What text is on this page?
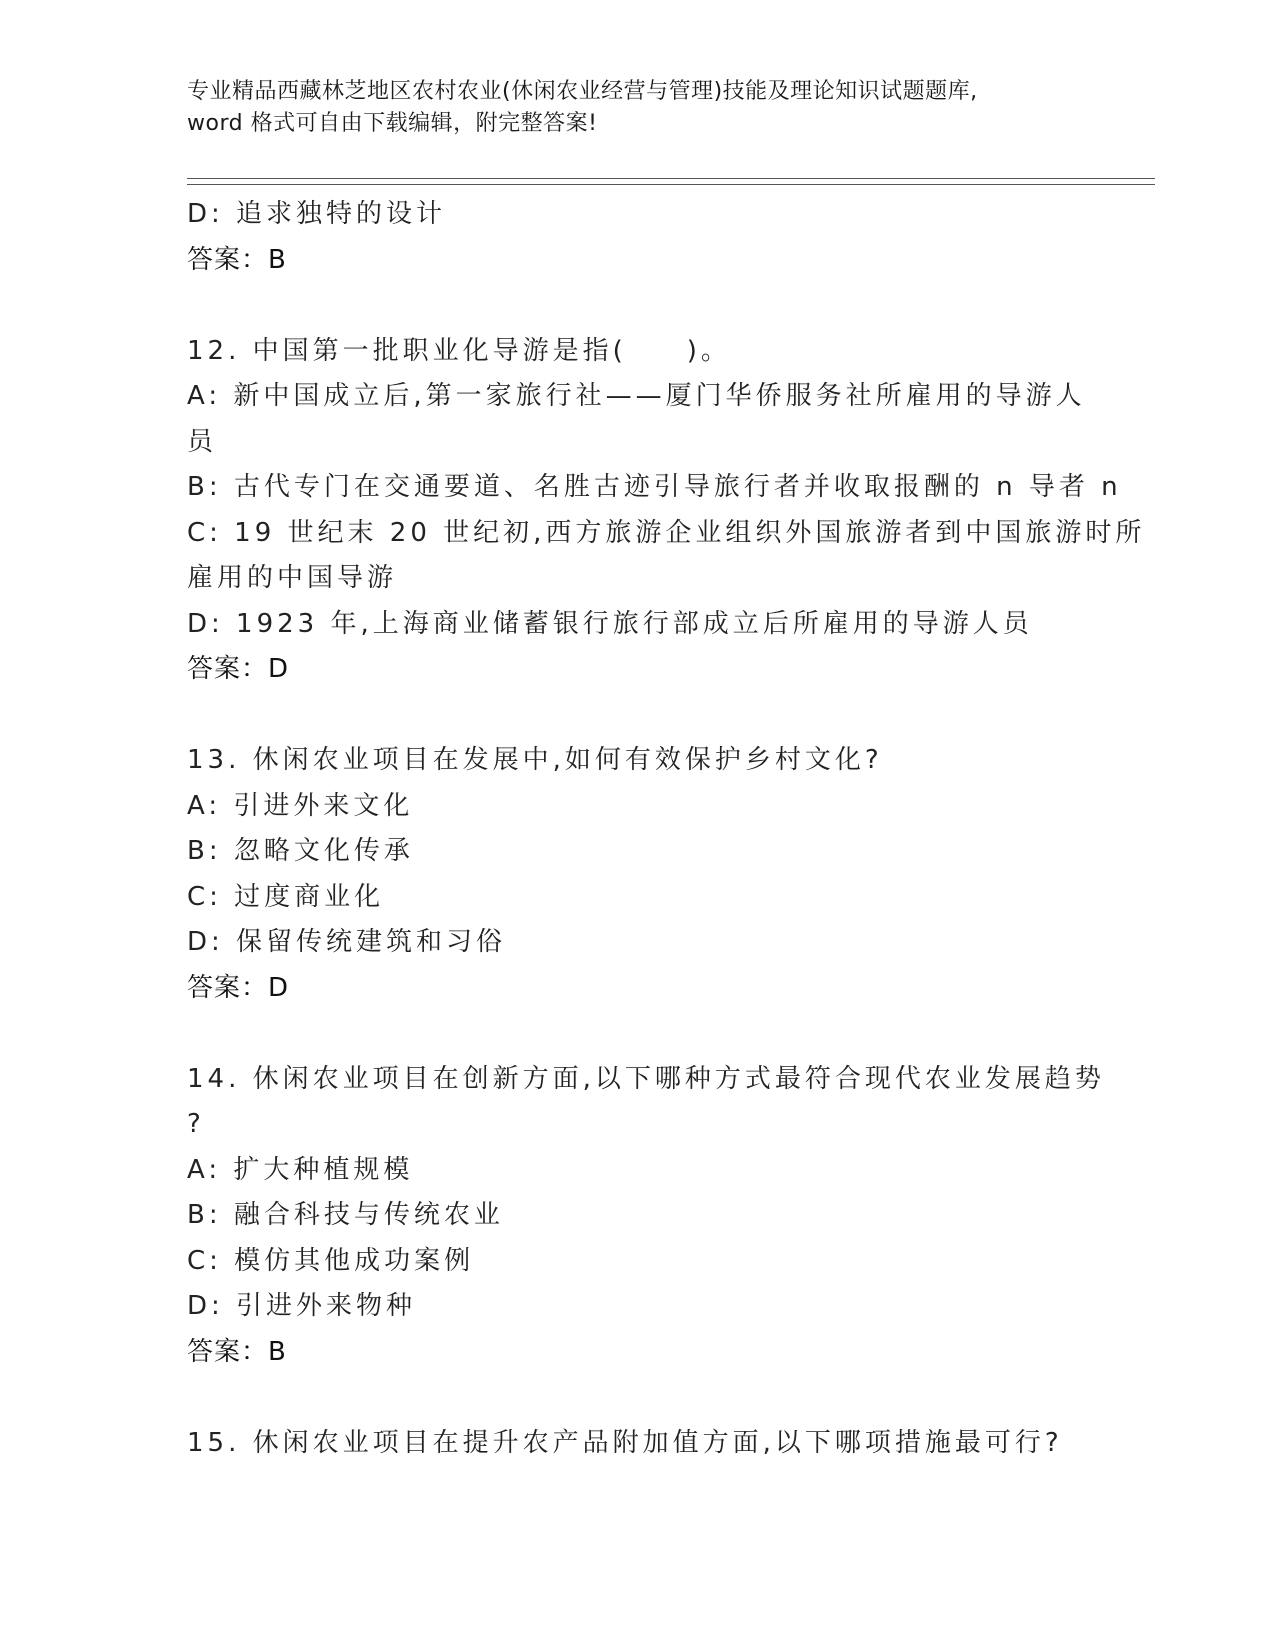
专业精品西藏林芝地区农村农业(休闲农业经营与管理)技能及理论知识试题题库,
word 格式可自由下载编辑，附完整答案!
D: 追求独特的设计
答案：B
12. 中国第一批职业化导游是指(　　)。
A: 新中国成立后,第一家旅行社——厦门华侨服务社所雇用的导游人
员
B: 古代专门在交通要道、名胜古迹引导旅行者并收取报酬的 n 导者 n
C: 19 世纪末 20 世纪初,西方旅游企业组织外国旅游者到中国旅游时所
雇用的中国导游
D: 1923 年,上海商业储蓄银行旅行部成立后所雇用的导游人员
答案：D
13. 休闲农业项目在发展中,如何有效保护乡村文化?
A: 引进外来文化
B: 忽略文化传承
C: 过度商业化
D: 保留传统建筑和习俗
答案：D
14. 休闲农业项目在创新方面,以下哪种方式最符合现代农业发展趋势
?
A: 扩大种植规模
B: 融合科技与传统农业
C: 模仿其他成功案例
D: 引进外来物种
答案：B
15. 休闲农业项目在提升农产品附加值方面,以下哪项措施最可行?
